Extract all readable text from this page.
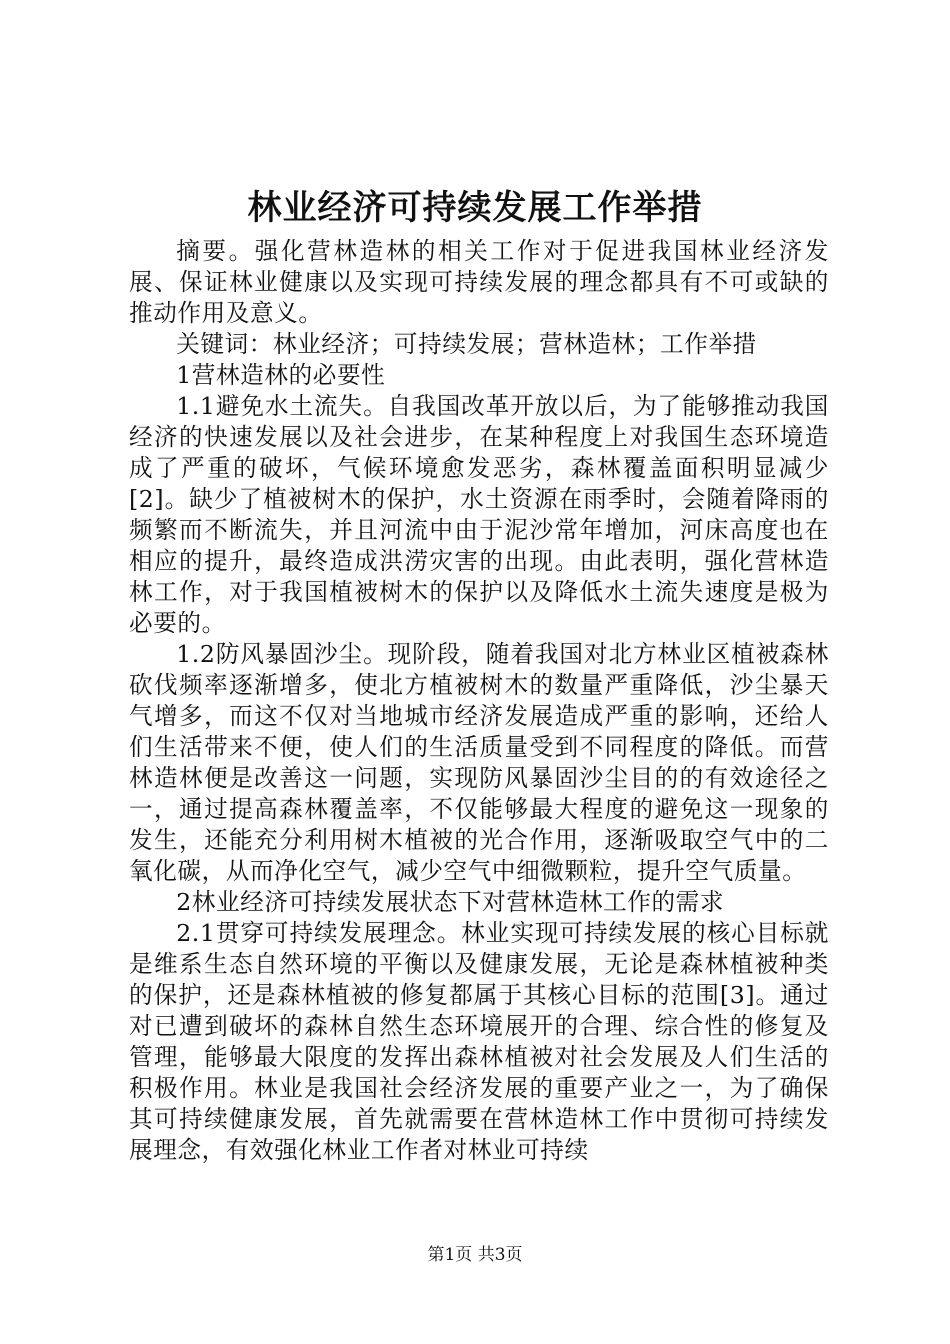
林业经济可持续发展工作举措

摘要。强化营林造林的相关工作对于促进我国林业经济发展、保证林业健康以及实现可持续发展的理念都具有不可或缺的推动作用及意义。

关键词：林业经济；可持续发展；营林造林；工作举措

1营林造林的必要性

1.1避免水土流失。自我国改革开放以后，为了能够推动我国经济的快速发展以及社会进步，在某种程度上对我国生态环境造成了严重的破坏，气候环境愈发恶劣，森林覆盖面积明显减少[2]。缺少了植被树木的保护，水土资源在雨季时，会随着降雨的频繁而不断流失，并且河流中由于泥沙常年增加，河床高度也在相应的提升，最终造成洪涝灾害的出现。由此表明，强化营林造林工作，对于我国植被树木的保护以及降低水土流失速度是极为必要的。

1.2防风暴固沙尘。现阶段，随着我国对北方林业区植被森林砍伐频率逐渐增多，使北方植被树木的数量严重降低，沙尘暴天气增多，而这不仅对当地城市经济发展造成严重的影响，还给人们生活带来不便，使人们的生活质量受到不同程度的降低。而营林造林便是改善这一问题，实现防风暴固沙尘目的的有效途径之一，通过提高森林覆盖率，不仅能够最大程度的避免这一现象的发生，还能充分利用树木植被的光合作用，逐渐吸取空气中的二氧化碳，从而净化空气，减少空气中细微颗粒，提升空气质量。

2林业经济可持续发展状态下对营林造林工作的需求

2.1贯穿可持续发展理念。林业实现可持续发展的核心目标就是维系生态自然环境的平衡以及健康发展，无论是森林植被种类的保护，还是森林植被的修复都属于其核心目标的范围[3]。通过对已遭到破坏的森林自然生态环境展开的合理、综合性的修复及管理，能够最大限度的发挥出森林植被对社会发展及人们生活的积极作用。林业是我国社会经济发展的重要产业之一，为了确保其可持续健康发展，首先就需要在营林造林工作中贯彻可持续发展理念，有效强化林业工作者对林业可持续

第1页 共3页
